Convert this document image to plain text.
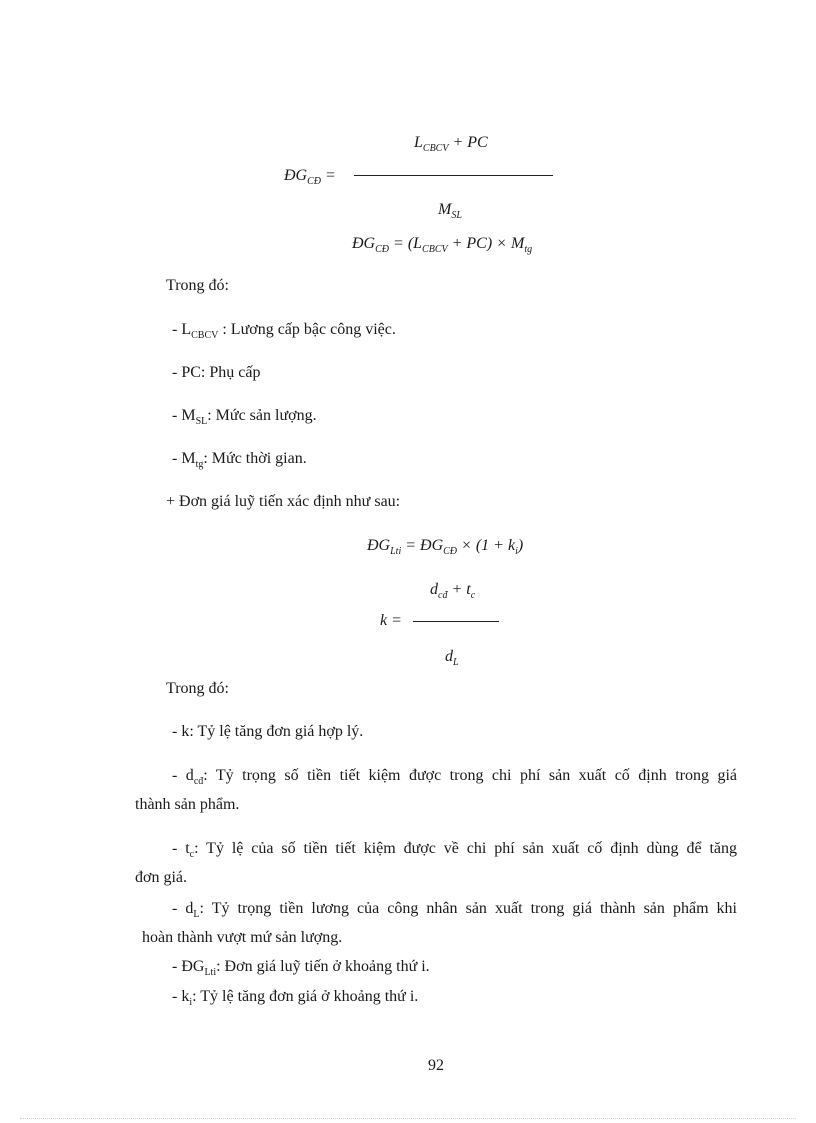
$L_{CBCV}$ + PC
$ĐG_{CĐ}$ =
$M_{SL}$
$ĐG_{CĐ} = (L_{CBCV} + PC) \times M_{tg}$
Trong đó:
- $L_{CBCV}$ : Lương cấp bậc công việc.
- PC: Phụ cấp
- $M_{SL}$: Mức sản lượng.
- $M_{tg}$: Mức thời gian.
+ Đơn giá luỹ tiến xác định như sau:
$ĐG_{Lti}$ = $ĐG_{CĐ} \times (1 + k_i)$
$d_{cđ} + t_c$
k =
$d_L$
Trong đó:
- k: Tỷ lệ tăng đơn giá hợp lý.
- $d_{cđ}$: Tỷ trọng số tiền tiết kiệm được trong chi phí sản xuất cố định trong giá
thành sản phẩm.
- $t_c$: Tỷ lệ của số tiền tiết kiệm được về chi phí sản xuất cố định dùng để tăng
đơn giá.
- $d_L$: Tỷ trọng tiền lương của công nhân sản xuất trong giá thành sản phẩm khi
hoàn thành vượt mứ sản lượng.
- $ĐG_{Lti}$: Đơn giá luỹ tiến ở khoảng thứ i.
- $k_i$: Tỷ lệ tăng đơn giá ở khoảng thứ i.
92
